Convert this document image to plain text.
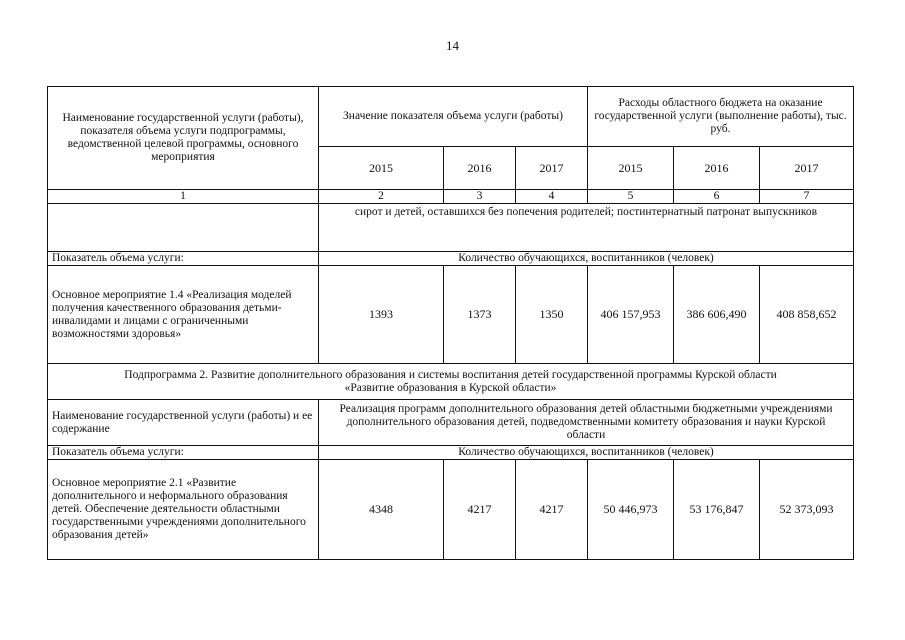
14
Наименование государственной услуги (работы), показателя объема услуги подпрограммы, ведомственной целевой программы, основного мероприятия	Значение показателя объема услуги (работы)			Расходы областного бюджета на оказание государственной услуги (выполнение работы), тыс. руб.		
	2015	2016	2017	2015	2016	2017
1	2	3	4	5	6	7
	сирот и детей, оставшихся без попечения родителей; постинтернатный патронат выпускников					
Показатель объема услуги:	Количество обучающихся, воспитанников (человек)					
Основное мероприятие 1.4 «Реализация моделей получения качественного образования детьми-инвалидами и лицами с ограниченными возможностями здоровья»	1393	1373	1350	406 157,953	386 606,490	408 858,652
Подпрограмма 2. Развитие дополнительного образования и системы воспитания детей государственной программы Курской области «Развитие образования в Курской области»						
Наименование государственной услуги (работы) и ее содержание	Реализация программ дополнительного образования детей областными бюджетными учреждениями дополнительного образования детей, подведомственными комитету образования и науки Курской области					
Показатель объема услуги:	Количество обучающихся, воспитанников (человек)					
Основное мероприятие 2.1 «Развитие дополнительного и неформального образования детей. Обеспечение деятельности областными государственными учреждениями дополнительного образования детей»	4348	4217	4217	50 446,973	53 176,847	52 373,093
